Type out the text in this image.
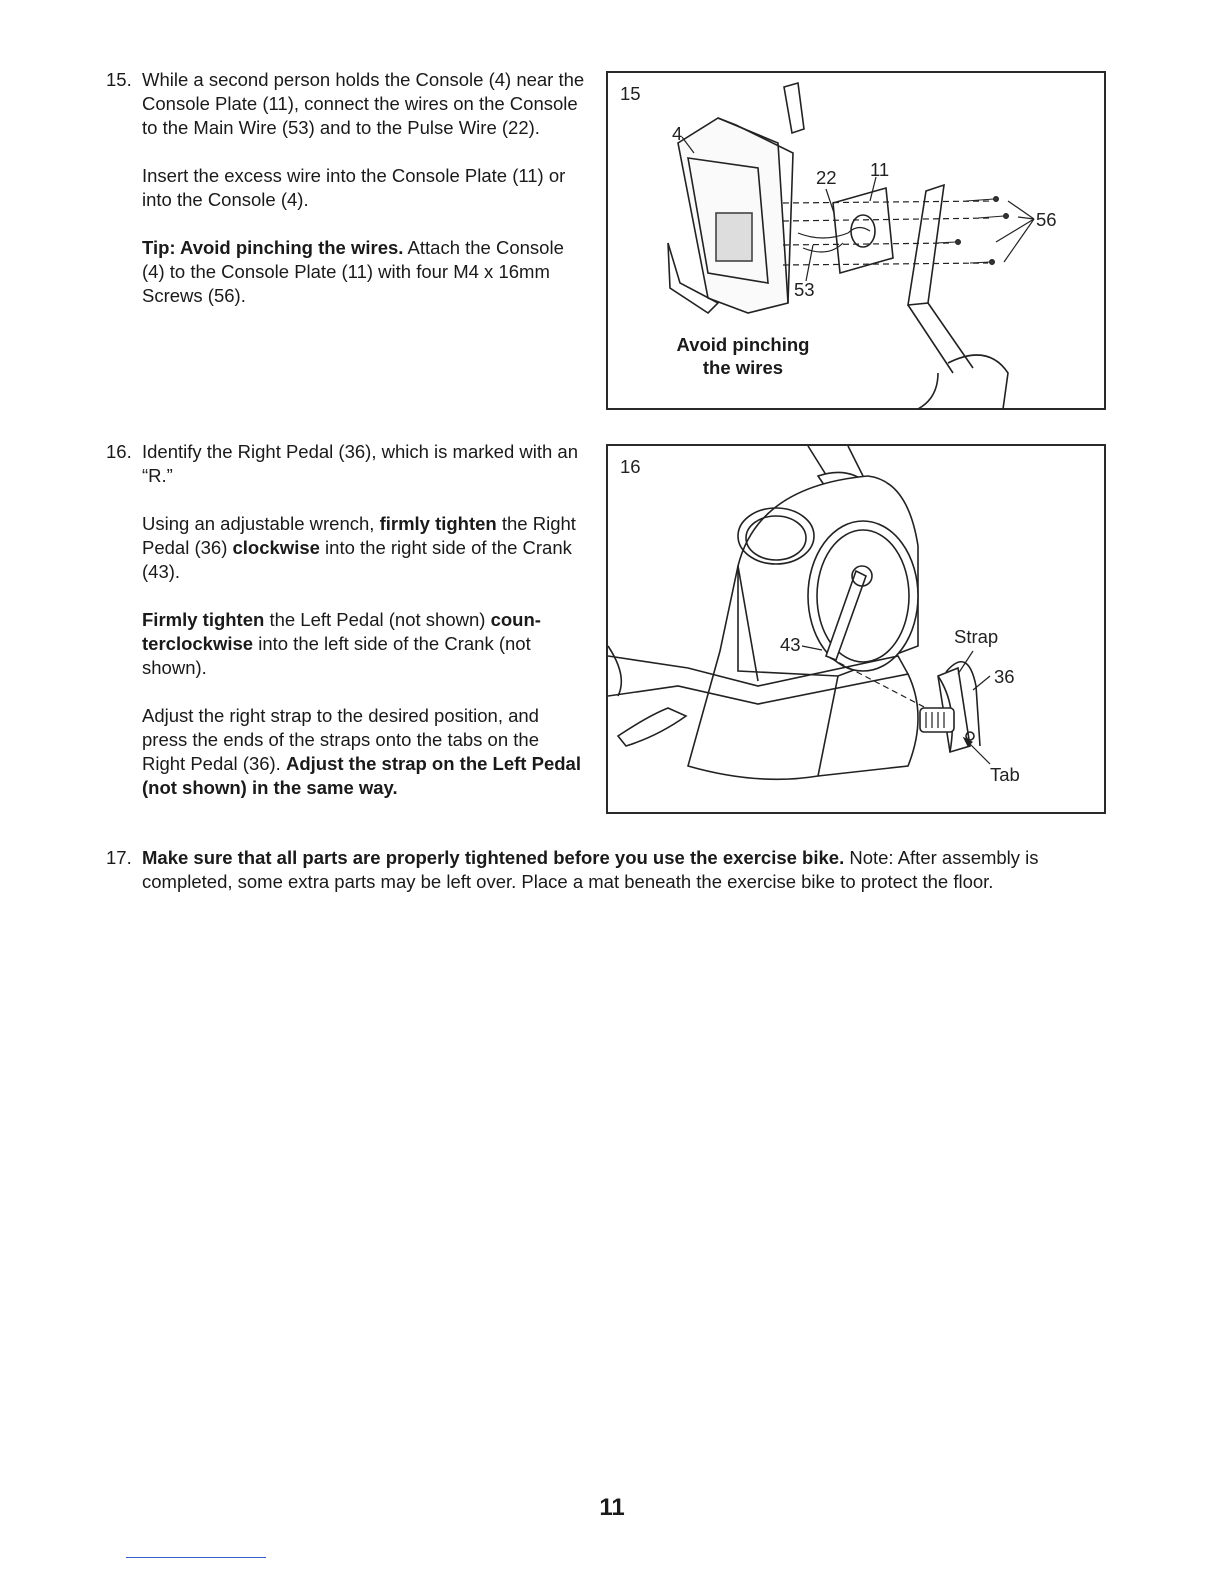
15. While a second person holds the Console (4) near the Console Plate (11), connect the wires on the Console to the Main Wire (53) and to the Pulse Wire (22).

Insert the excess wire into the Console Plate (11) or into the Console (4).

Tip: Avoid pinching the wires. Attach the Console (4) to the Console Plate (11) with four M4 x 16mm Screws (56).

15
4
22 11
56
53
Avoid pinching
the wires

16. Identify the Right Pedal (36), which is marked with an “R.”

Using an adjustable wrench, firmly tighten the Right Pedal (36) clockwise into the right side of the Crank (43).

Firmly tighten the Left Pedal (not shown) coun-terclockwise into the left side of the Crank (not shown).

Adjust the right strap to the desired position, and press the ends of the straps onto the tabs on the Right Pedal (36). Adjust the strap on the Left Pedal (not shown) in the same way.

16
43	Strap
36
Tab
17. Make sure that all parts are properly tightened before you use the exercise bike. Note: After assembly is completed, some extra parts may be left over. Place a mat beneath the exercise bike to protect the floor.
11
